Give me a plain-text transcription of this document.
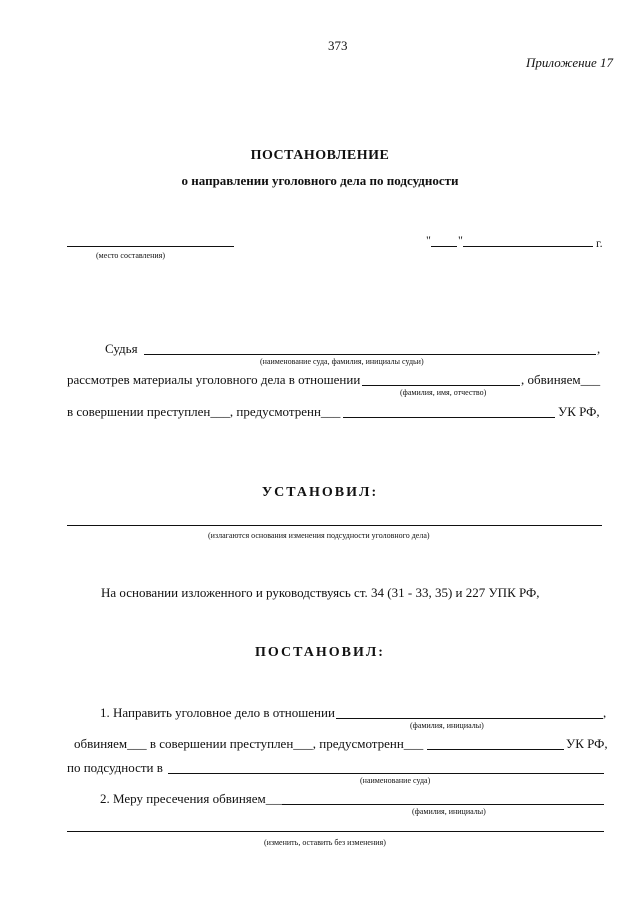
373
Приложение 17
ПОСТАНОВЛЕНИЕ
о направлении уголовного дела по подсудности
(место составления)
" "	г.
Судья	,
(наименование суда, фамилия, инициалы судьи)
рассмотрев материалы уголовного дела в отношении	, обвиняем___
(фамилия, имя, отчество)
в совершении преступлен___, предусмотренн___	УК РФ,
УСТАНОВИЛ:
(излагаются основания изменения подсудности уголовного дела)
На основании изложенного и руководствуясь ст. 34 (31 - 33, 35) и 227 УПК РФ,
ПОСТАНОВИЛ:
1. Направить уголовное дело в отношении	,
(фамилия, инициалы)
обвиняем___ в совершении преступлен___, предусмотренн___	УК РФ,
по подсудности в
(наименование суда)
2. Меру пресечения обвиняем___
(фамилия, инициалы)
(изменить, оставить без изменения)
